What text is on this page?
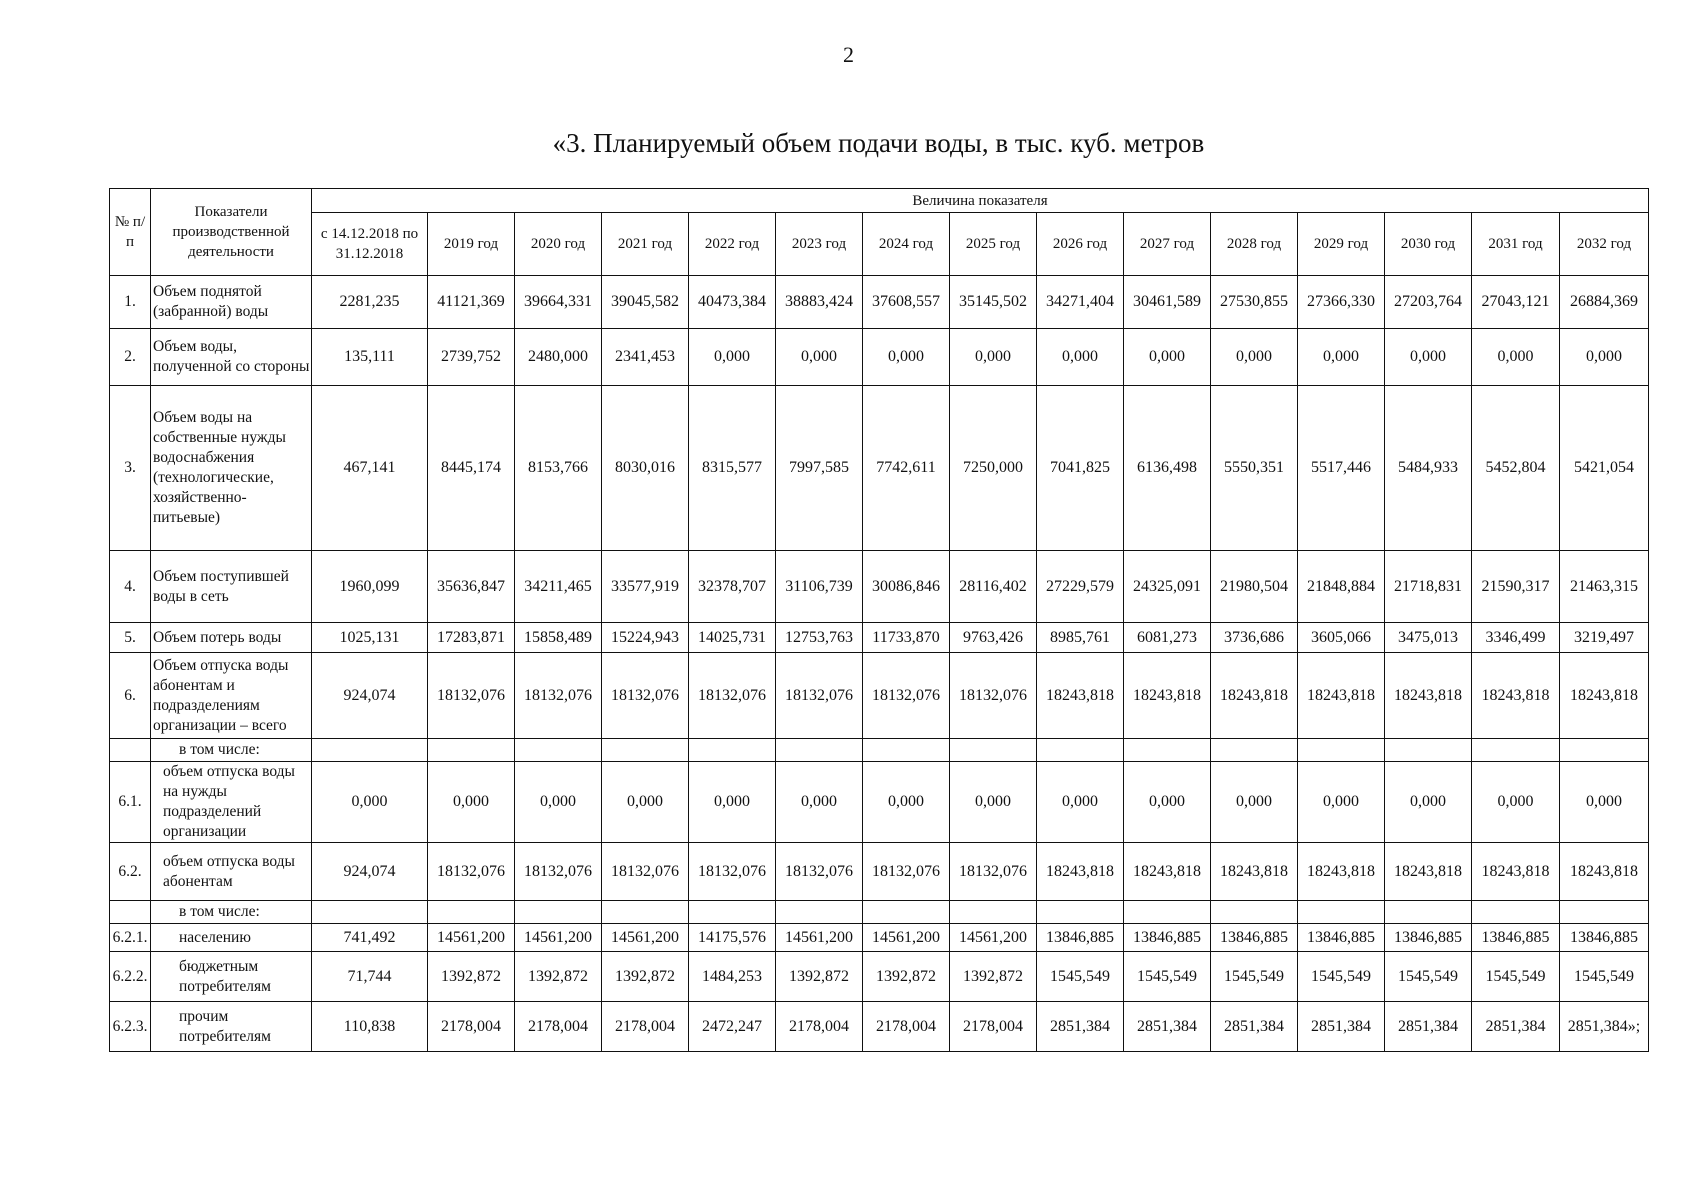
2
«3. Планируемый объем подачи воды, в тыс. куб. метров
№ п/п	Показатели производственной деятельности	Величина показателя														
		с 14.12.2018 по 31.12.2018	2019 год	2020 год	2021 год	2022 год	2023 год	2024 год	2025 год	2026 год	2027 год	2028 год	2029 год	2030 год	2031 год	2032 год
1.	Объем поднятой (забранной) воды	2281,235	41121,369	39664,331	39045,582	40473,384	38883,424	37608,557	35145,502	34271,404	30461,589	27530,855	27366,330	27203,764	27043,121	26884,369
2.	Объем воды, полученной со стороны	135,111	2739,752	2480,000	2341,453	0,000	0,000	0,000	0,000	0,000	0,000	0,000	0,000	0,000	0,000	0,000
3.	Объем воды на собственные нужды водоснабжения (технологические, хозяйственно-питьевые)	467,141	8445,174	8153,766	8030,016	8315,577	7997,585	7742,611	7250,000	7041,825	6136,498	5550,351	5517,446	5484,933	5452,804	5421,054
4.	Объем поступившей воды в сеть	1960,099	35636,847	34211,465	33577,919	32378,707	31106,739	30086,846	28116,402	27229,579	24325,091	21980,504	21848,884	21718,831	21590,317	21463,315
5.	Объем потерь воды	1025,131	17283,871	15858,489	15224,943	14025,731	12753,763	11733,870	9763,426	8985,761	6081,273	3736,686	3605,066	3475,013	3346,499	3219,497
6.	Объем отпуска воды абонентам и подразделениям организации – всего	924,074	18132,076	18132,076	18132,076	18132,076	18132,076	18132,076	18132,076	18243,818	18243,818	18243,818	18243,818	18243,818	18243,818	18243,818
	в том числе:															
6.1.	объем отпуска воды на нужды подразделений организации	0,000	0,000	0,000	0,000	0,000	0,000	0,000	0,000	0,000	0,000	0,000	0,000	0,000	0,000	0,000
6.2.	объем отпуска воды абонентам	924,074	18132,076	18132,076	18132,076	18132,076	18132,076	18132,076	18132,076	18243,818	18243,818	18243,818	18243,818	18243,818	18243,818	18243,818
	в том числе:															
6.2.1.	населению	741,492	14561,200	14561,200	14561,200	14175,576	14561,200	14561,200	14561,200	13846,885	13846,885	13846,885	13846,885	13846,885	13846,885	13846,885
6.2.2.	бюджетным потребителям	71,744	1392,872	1392,872	1392,872	1484,253	1392,872	1392,872	1392,872	1545,549	1545,549	1545,549	1545,549	1545,549	1545,549	1545,549
6.2.3.	прочим потребителям	110,838	2178,004	2178,004	2178,004	2472,247	2178,004	2178,004	2178,004	2851,384	2851,384	2851,384	2851,384	2851,384	2851,384	2851,384»;
